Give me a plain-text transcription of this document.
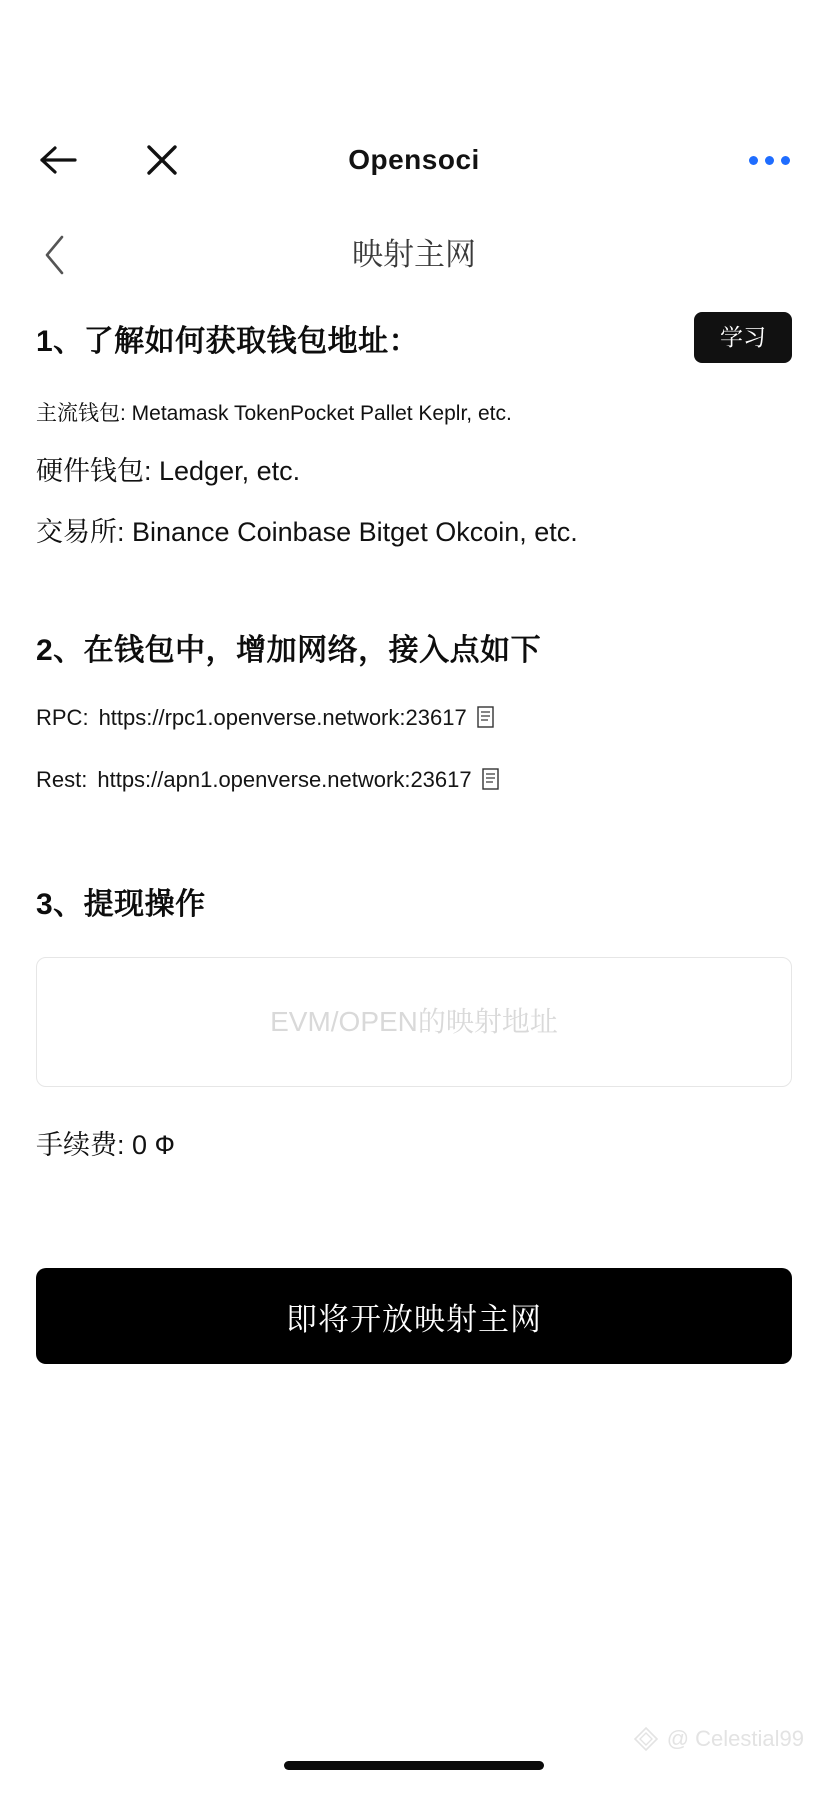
Opensoci
映射主网
1、了解如何获取钱包地址：	学习
主流钱包: Metamask TokenPocket Pallet Keplr, etc.
硬件钱包: Ledger, etc.
交易所: Binance Coinbase Bitget Okcoin, etc.
2、在钱包中，增加网络，接入点如下
RPC: https://rpc1.openverse.network:23617
Rest: https://apn1.openverse.network:23617
3、提现操作
EVM/OPEN的映射地址
手续费: 0 Ф
即将开放映射主网
@ Celestial99
